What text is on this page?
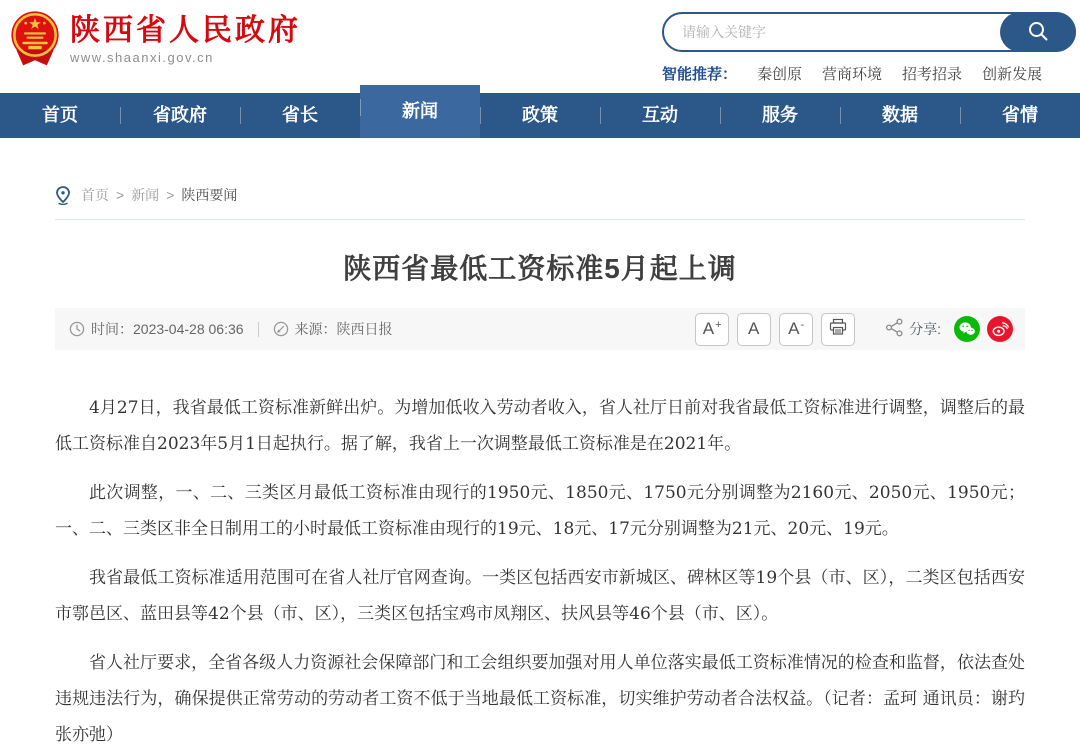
陕西省人民政府
www.shaanxi.gov.cn
请输入关键字
智能推荐： 秦创原 营商环境 招考招录 创新发展
首页	省政府	省长	新闻	政策	互动	服务	数据	省情
首页 > 新闻 > 陕西要闻
陕西省最低工资标准5月起上调
时间： 2023-04-28 06:36	来源： 陕西日报	A + A A -	分享:

4月27日，我省最低工资标准新鲜出炉。为增加低收入劳动者收入，省人社厅日前对我省最低工资标准进行调整，调整后的最低工资标准自2023年5月1日起执行。据了解，我省上一次调整最低工资标准是在2021年。

此次调整，一、二、三类区月最低工资标准由现行的1950元、1850元、1750元分别调整为2160元、2050元、1950元；一、二、三类区非全日制用工的小时最低工资标准由现行的19元、18元、17元分别调整为21元、20元、19元。

我省最低工资标准适用范围可在省人社厅官网查询。一类区包括西安市新城区、碑林区等19个县（市、区），二类区包括西安市鄠邑区、蓝田县等42个县（市、区），三类区包括宝鸡市凤翔区、扶风县等46个县（市、区）。

省人社厅要求，全省各级人力资源社会保障部门和工会组织要加强对用人单位落实最低工资标准情况的检查和监督，依法查处违规违法行为，确保提供正常劳动的劳动者工资不低于当地最低工资标准，切实维护劳动者合法权益。（记者：孟珂 通讯员：谢玓 张亦弛）
